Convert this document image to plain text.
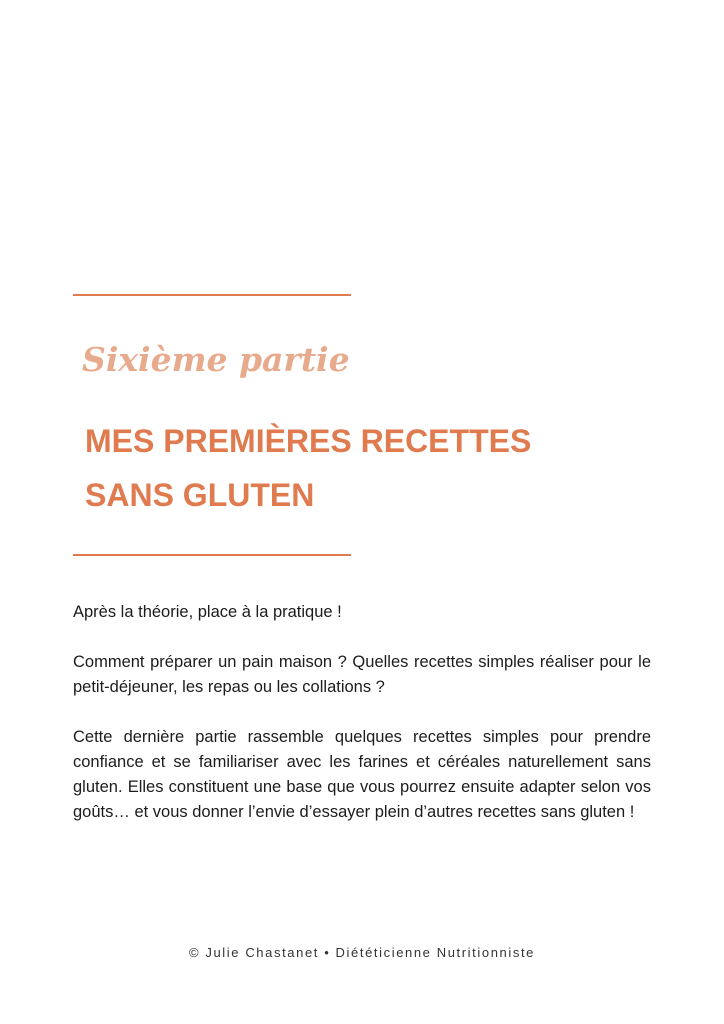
Sixième partie
MES PREMIÈRES RECETTES
SANS GLUTEN

Après la théorie, place à la pratique !

Comment préparer un pain maison ? Quelles recettes simples réaliser pour le petit-déjeuner, les repas ou les collations ?

Cette dernière partie rassemble quelques recettes simples pour prendre confiance et se familiariser avec les farines et céréales naturellement sans gluten. Elles constituent une base que vous pourrez ensuite adapter selon vos goûts… et vous donner l’envie d’essayer plein d’autres recettes sans gluten !

© Julie Chastanet • Diététicienne Nutritionniste
